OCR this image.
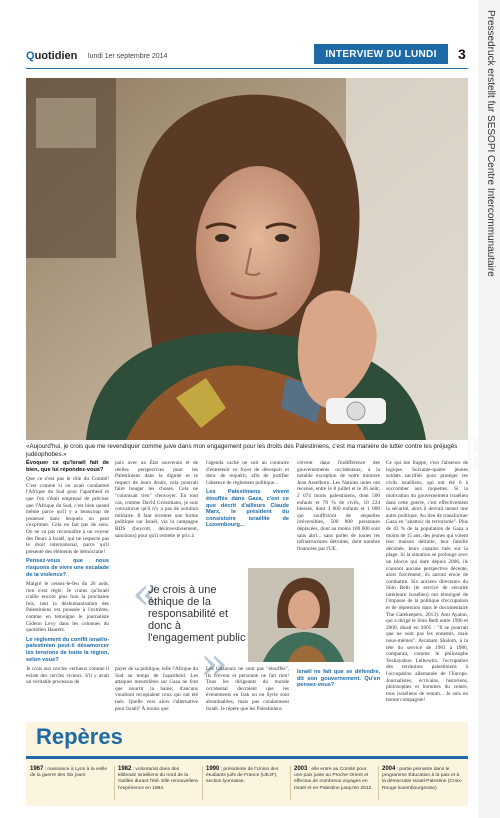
Pressedruck erstellt fur SESOPI Centre Intercommunautaire
Quotidien lundi 1er septembre 2014	INTERVIEW DU LUNDI	3
(Photo : Julien Garroy/editpress)
«Aujourd'hui, je crois que me revendiquer comme juive dans mon engagement pour les droits des Palestiniens, c'est ma manière de lutter contre les préjugés judéophobes.»
Évoquer ce qu'Israël fait de bien, que lui répondez-vous?

Que ce n'est pas le rôle du Comité! C'est comme si on avait condamné l'Afrique du Sud pour l'apartheid et que l'on s'était empressé de préciser que l'Afrique du Sud, c'est bien quand même parce qu'il y a beaucoup de jeunesse dans lesquels on peut s'exprimer. Cela ne fait pas de sens. On ne va pas reconnaître à un voyeur des fleurs à Israël, qui ne respecte pas le droit international, parce qu'il présente des éléments de démocratie!

Pensez-vous que nous risquons de vivre une escalade de la violence?

Malgré le cessez-le-feu du 26 août, rien n'est réglé. Je crains qu'Israël n'aille encore plus loin la prochaine fois, tant la déshumanisation des Palestiniens est poussée à l'extrême, comme en témoigne le journaliste Gideon Levy dans les colonnes du quotidien Haaretz.

Le règlement du conflit israélo-palestinien peut-il désamorcer les tensions de toute la région, selon vous?

Je crois aux cercles vertueux comme il existe des cercles vicieux. S'il y avait un véritable processus de

paix avec un État souverain et de réelles perspectives pour les Palestiniens dans la dignité et le respect de leurs droits, cela pourrait faire bouger les choses. Cela ne "colonisait rien" d'envoyer. En tout cas, comme David Grossmann, je suis convaincue qu'il n'y a pas de solution militaire. Il faut inventer une forme politique sur Israël, via la campagne BDS (boycott, désinvestissement, sanctions) pour qu'il remette le prix à

l'agenda caché ne soit au contraire d'entretenir ce foyer de désespoir et donc de requérir, afin de justifier l'absence de règlement politique...

Les Palestiniens vivent étouffés dans Gaza, c'est ce que décrit d'ailleurs Claude Marx, le président du consistoire israélite de Luxembourg...

crèvent dans l'indifférence des gouvernements occidentaux, à la notable exception de notre ministre Jean Asselborn. Les Nations unies ont recensé, entre le 8 juillet et le 26 août, 2 074 morts palestiniens, dont 500 enfants et 70 % de civils, 10 224 blessés, dont 3 000 enfants et 1 000 qui souffriront de séquelles irréversibles, 500 000 personnes déplacées, dont au moins 100 000 sont sans abri... sans parler de toutes les infrastructures détruites, dont nombre financées par l'UE.

Ce qui me frappe, c'est l'absence de logique. Soixante-quatre jeunes soldats sacrifiés pour protéger les civils israéliens, qui ont été 6 à succomber aux roquettes. Si la motivation du gouvernement israélien dans cette guerre, c'est effectivement la sécurité, alors il devrait mener une autre politique. Au lieu de transformer Gaza en "abattoir du terrorisme". Plus de 43 % de la population de Gaza a moins de 15 ans, des jeunes qui voient leur maison détruite, leur famille décimée, leurs copains tués sur la plage. Si la situation se prolonge avec un blocus qui dure depuis 2006, ils n'auront aucune perspective décente, alors forcément, ils auront envie de combattre. Six anciens directeurs du Shin Beth (le service de sécurité intérieure israélien) ont témoigné de l'impasse de la politique d'occupation et de répression dans le documentaire The Gatekeepers, 2013). Ami Ayalon, qui a dirigé le Shin Beth entre 1996 et 2000, disait en 2005 : "Il se pourrait que ne sont pas les ennemis, mais nous-mêmes". Avraham Shalom, à la tête du service de 1981 à 1986, comparait, comme le philosophe Yeshayahou Leibowitz, l'occupation des territoires palestiniens à l'occupation allemande de l'Europe. Journalistes, écrivains, historiens, philosophes et hommes du centre, tous israéliens de renom... Je suis en bonne compagnie!

«
Je crois à une éthique de la responsabilité et donc à l'engagement public
»

payer de sa politique, telle l'Afrique du Sud au temps de l'apartheid. Les attaques meurtrières sur Gaza ne font que nourrir la haine; d'aucuns voudront recopiaient ceux qui ont été tués. Quelle vers alors l'alternative pour Israël? À moins que

Les Gazaouis ne sont pas "étouffés", ils crèvent et personne ne fait rien! Tous les dirigeants du monde occidental devraient que les événements en Irak ou en Syrie sont abominables, mais pas condamnent Israël. Je répète que les Palestiniens

Israël ne fait que se défendre, dit son gouvernement. Qu'en pensez-vous?
Repères
1967 : naissance à Lyon à la veille de la guerre des Six jours
1982 : volontariat dans des kibboutz israéliens du nord de la Galilée durant l'été. Elle renouvellera l'expérience en 1984.
1990 : présidente de l'Union des étudiants juifs de France (UEJF), section lyonnaise.
2003 : elle entre au Comité pour une paix juste au Proche-Orient et effectue de nombreux voyages en Israël et en Palestine jusqu'en 2012.
2004 : partie prenante dans le programme Éducation à la paix et à la démocratie Israël-Palestine (Croix-Rouge luxembourgeoise).
